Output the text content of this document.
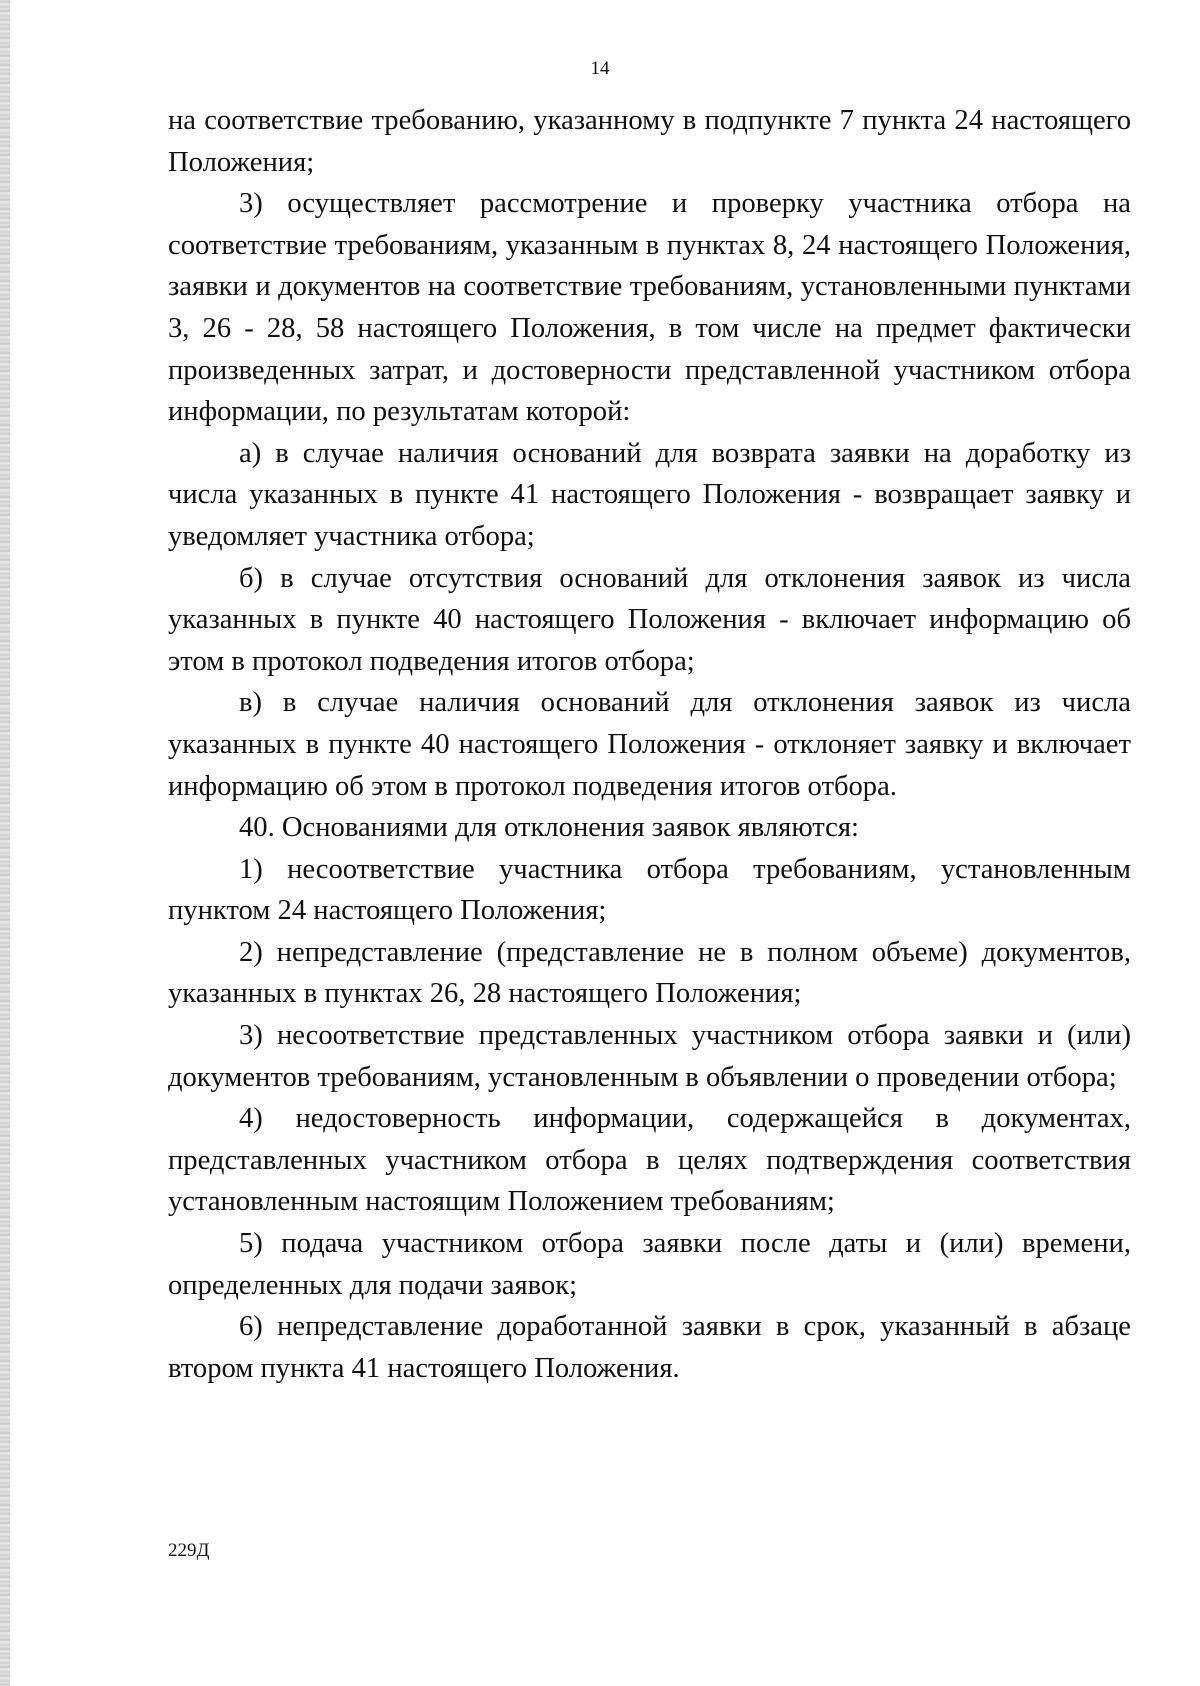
14

на соответствие требованию, указанному в подпункте 7 пункта 24 настоящего Положения;

3) осуществляет рассмотрение и проверку участника отбора на соответствие требованиям, указанным в пунктах 8, 24 настоящего Положения, заявки и документов на соответствие требованиям, установленными пунктами 3, 26 - 28, 58 настоящего Положения, в том числе на предмет фактически произведенных затрат, и достоверности представленной участником отбора информации, по результатам которой:

а) в случае наличия оснований для возврата заявки на доработку из числа указанных в пункте 41 настоящего Положения - возвращает заявку и уведомляет участника отбора;

б) в случае отсутствия оснований для отклонения заявок из числа указанных в пункте 40 настоящего Положения - включает информацию об этом в протокол подведения итогов отбора;

в) в случае наличия оснований для отклонения заявок из числа указанных в пункте 40 настоящего Положения - отклоняет заявку и включает информацию об этом в протокол подведения итогов отбора.

40. Основаниями для отклонения заявок являются:

1) несоответствие участника отбора требованиям, установленным пунктом 24 настоящего Положения;

2) непредставление (представление не в полном объеме) документов, указанных в пунктах 26, 28 настоящего Положения;

3) несоответствие представленных участником отбора заявки и (или) документов требованиям, установленным в объявлении о проведении отбора;

4) недостоверность информации, содержащейся в документах, представленных участником отбора в целях подтверждения соответствия установленным настоящим Положением требованиям;

5) подача участником отбора заявки после даты и (или) времени, определенных для подачи заявок;

6) непредставление доработанной заявки в срок, указанный в абзаце втором пункта 41 настоящего Положения.

229Д
